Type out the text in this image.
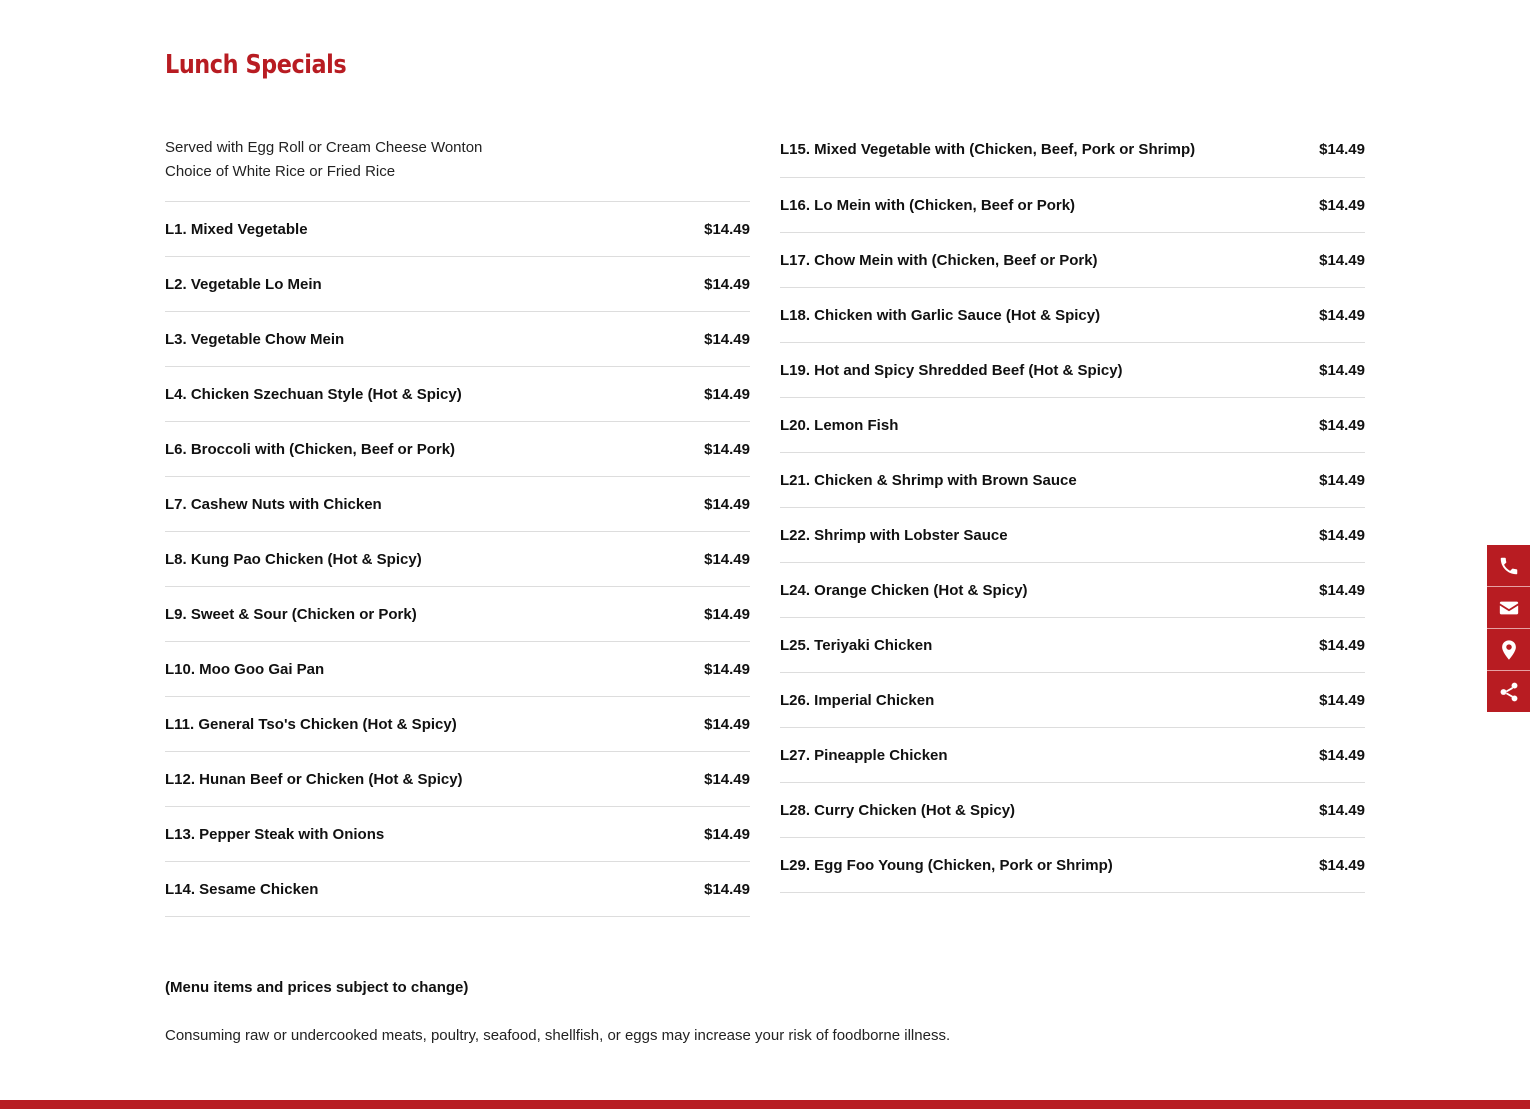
Lunch Specials

Served with Egg Roll or Cream Cheese Wonton

Choice of White Rice or Fried Rice

L1. Mixed Vegetable	$14.49
L2. Vegetable Lo Mein	$14.49
L3. Vegetable Chow Mein	$14.49
L4. Chicken Szechuan Style (Hot & Spicy)	$14.49
L6. Broccoli with (Chicken, Beef or Pork)	$14.49
L7. Cashew Nuts with Chicken	$14.49
L8. Kung Pao Chicken (Hot & Spicy)	$14.49
L9. Sweet & Sour (Chicken or Pork)	$14.49
L10. Moo Goo Gai Pan	$14.49
L11. General Tso's Chicken (Hot & Spicy)	$14.49
L12. Hunan Beef or Chicken (Hot & Spicy)	$14.49
L13. Pepper Steak with Onions	$14.49
L14. Sesame Chicken	$14.49
L15. Mixed Vegetable with (Chicken, Beef, Pork or Shrimp)	$14.49
L16. Lo Mein with (Chicken, Beef or Pork)	$14.49
L17. Chow Mein with (Chicken, Beef or Pork)	$14.49
L18. Chicken with Garlic Sauce (Hot & Spicy)	$14.49
L19. Hot and Spicy Shredded Beef (Hot & Spicy)	$14.49
L20. Lemon Fish	$14.49
L21. Chicken & Shrimp with Brown Sauce	$14.49
L22. Shrimp with Lobster Sauce	$14.49
L24. Orange Chicken (Hot & Spicy)	$14.49
L25. Teriyaki Chicken	$14.49
L26. Imperial Chicken	$14.49
L27. Pineapple Chicken	$14.49
L28. Curry Chicken (Hot & Spicy)	$14.49
L29. Egg Foo Young (Chicken, Pork or Shrimp)	$14.49

(Menu items and prices subject to change)

Consuming raw or undercooked meats, poultry, seafood, shellfish, or eggs may increase your risk of foodborne illness.
